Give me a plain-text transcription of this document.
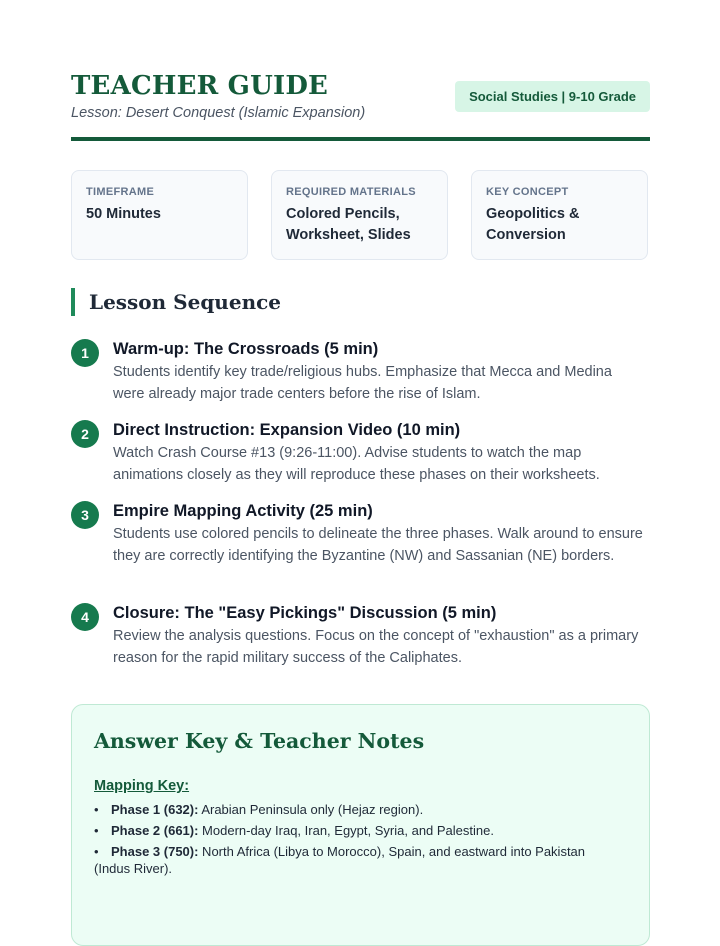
TEACHER GUIDE
Lesson: Desert Conquest (Islamic Expansion)
Social Studies | 9-10 Grade
TIMEFRAME
50 Minutes
REQUIRED MATERIALS
Colored Pencils, Worksheet, Slides
KEY CONCEPT
Geopolitics & Conversion
Lesson Sequence
1	Warm-up: The Crossroads (5 min)
Students identify key trade/religious hubs. Emphasize that Mecca and Medina were already major trade centers before the rise of Islam.
2	Direct Instruction: Expansion Video (10 min)
Watch Crash Course #13 (9:26-11:00). Advise students to watch the map animations closely as they will reproduce these phases on their worksheets.
3	Empire Mapping Activity (25 min)
Students use colored pencils to delineate the three phases. Walk around to ensure they are correctly identifying the Byzantine (NW) and Sassanian (NE) borders.
4	Closure: The "Easy Pickings" Discussion (5 min)
Review the analysis questions. Focus on the concept of "exhaustion" as a primary reason for the rapid military success of the Caliphates.
Answer Key & Teacher Notes
Mapping Key:
• Phase 1 (632): Arabian Peninsula only (Hejaz region).
• Phase 2 (661): Modern-day Iraq, Iran, Egypt, Syria, and Palestine.
• Phase 3 (750): North Africa (Libya to Morocco), Spain, and eastward into Pakistan (Indus River).
